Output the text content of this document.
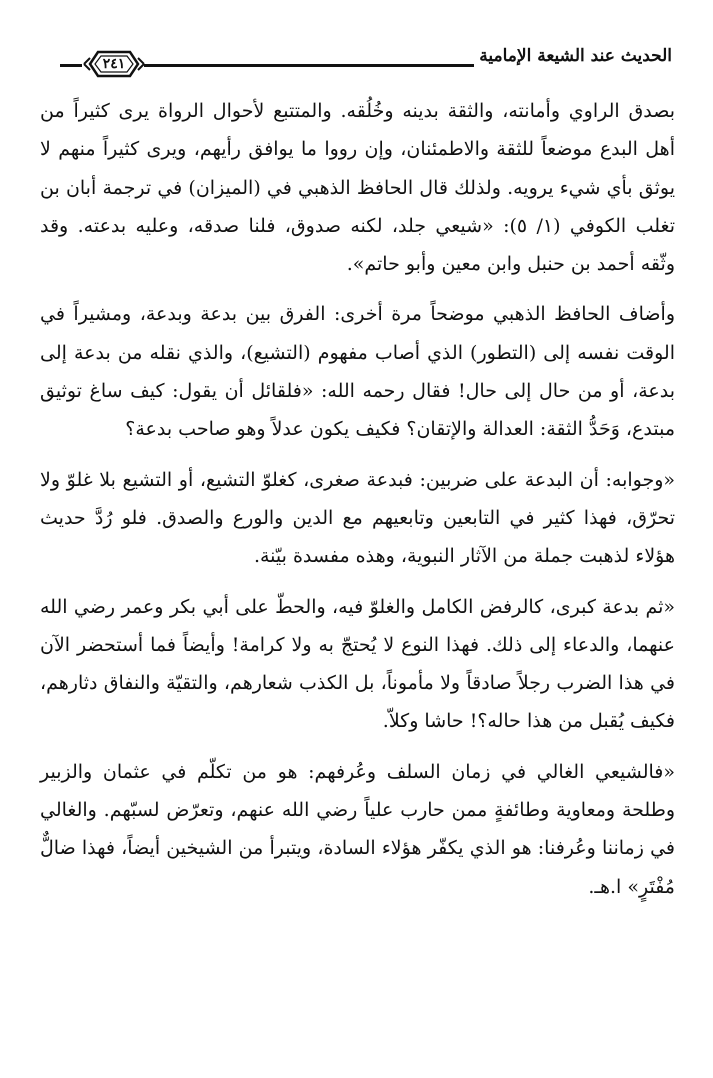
الحديث عند الشيعة الإمامية
٢٤١

بصدق الراوي وأمانته، والثقة بدينه وخُلُقه. والمتتبع لأحوال الرواة يرى كثيراً من أهل البدع موضعاً للثقة والاطمئنان، وإن رووا ما يوافق رأيهم، ويرى كثيراً منهم لا يوثق بأي شيء يرويه. ولذلك قال الحافظ الذهبي في (الميزان) في ترجمة أبان بن تغلب الكوفي (١/ ٥): «شيعي جلد، لكنه صدوق، فلنا صدقه، وعليه بدعته. وقد وثّقه أحمد بن حنبل وابن معين وأبو حاتم».

وأضاف الحافظ الذهبي موضحاً مرة أخرى: الفرق بين بدعة وبدعة، ومشيراً في الوقت نفسه إلى (التطور) الذي أصاب مفهوم (التشيع)، والذي نقله من بدعة إلى بدعة، أو من حال إلى حال! فقال رحمه الله: «فلقائل أن يقول: كيف ساغ توثيق مبتدع، وَحَدُّ الثقة: العدالة والإتقان؟ فكيف يكون عدلاً وهو صاحب بدعة؟

«وجوابه: أن البدعة على ضربين: فبدعة صغرى، كغلوّ التشيع، أو التشيع بلا غلوّ ولا تحرّق، فهذا كثير في التابعين وتابعيهم مع الدين والورع والصدق. فلو رُدَّ حديث هؤلاء لذهبت جملة من الآثار النبوية، وهذه مفسدة بيّنة.

«ثم بدعة كبرى، كالرفض الكامل والغلوّ فيه، والحطّ على أبي بكر وعمر رضي الله عنهما، والدعاء إلى ذلك. فهذا النوع لا يُحتجّ به ولا كرامة! وأيضاً فما أستحضر الآن في هذا الضرب رجلاً صادقاً ولا مأموناً، بل الكذب شعارهم، والتقيّة والنفاق دثارهم، فكيف يُقبل من هذا حاله؟! حاشا وكلاّ.

«فالشيعي الغالي في زمان السلف وعُرفهم: هو من تكلّم في عثمان والزبير وطلحة ومعاوية وطائفةٍ ممن حارب علياً رضي الله عنهم، وتعرّض لسبّهم. والغالي في زماننا وعُرفنا: هو الذي يكفّر هؤلاء السادة، ويتبرأ من الشيخين أيضاً، فهذا ضالٌّ مُفْتَرٍ» ا.هـ.
